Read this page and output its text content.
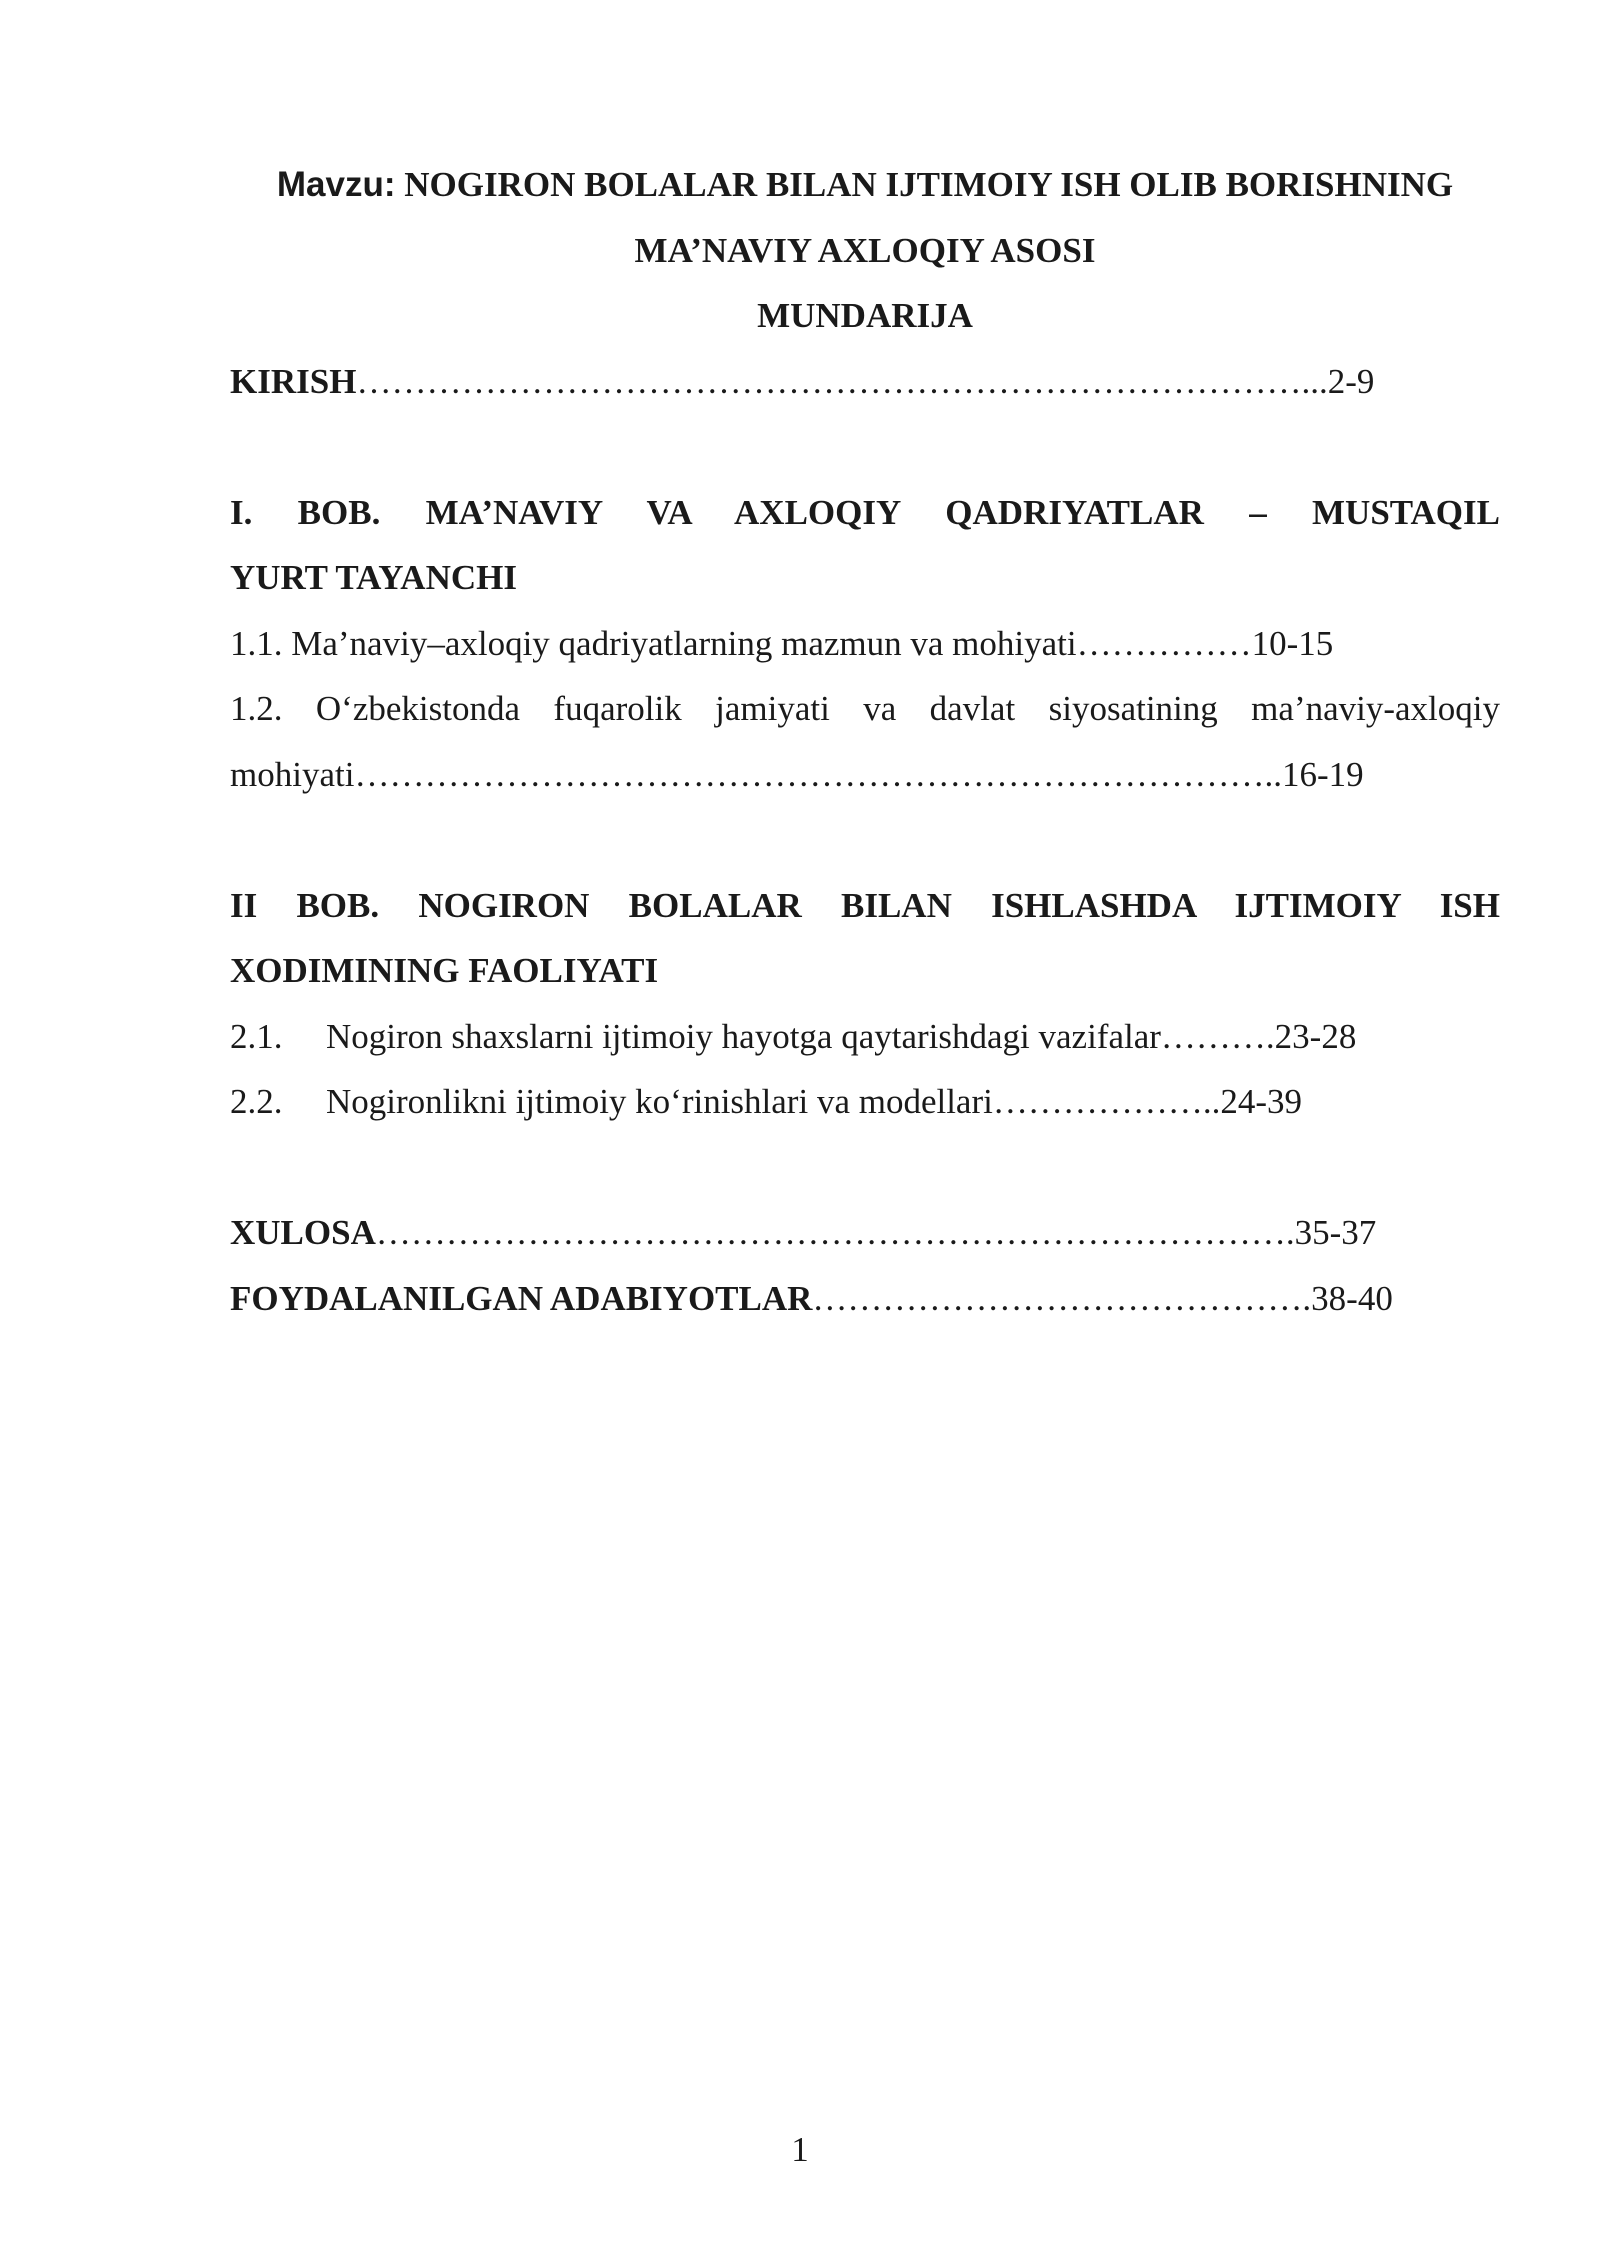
Mavzu: NOGIRON BOLALAR BILAN IJTIMOIY ISH OLIB BORISHNING
MA’NAVIY AXLOQIY ASOSI
MUNDARIJA
KIRISH………………………………………………………………………...2-9
I. BOB. MA’NAVIY VA AXLOQIY QADRIYATLAR – MUSTAQIL
YURT TAYANCHI
1.1. Ma’naviy–axloqiy qadriyatlarning mazmun va mohiyati……………10-15
1.2. O‘zbekistonda fuqarolik jamiyati va davlat siyosatining ma’naviy-axloqiy
mohiyati……………………………………………………………………..16-19
II BOB. NOGIRON BOLALAR BILAN ISHLASHDA IJTIMOIY ISH
XODIMINING FAOLIYATI
2.1. Nogiron shaxslarni ijtimoiy hayotga qaytarishdagi vazifalar……….23-28
2.2. Nogironlikni ijtimoiy ko‘rinishlari va modellari………………..24-39
XULOSA…………………………………………………………………….35-37
FOYDALANILGAN ADABIYOTLAR…………………………………….38-40
1
